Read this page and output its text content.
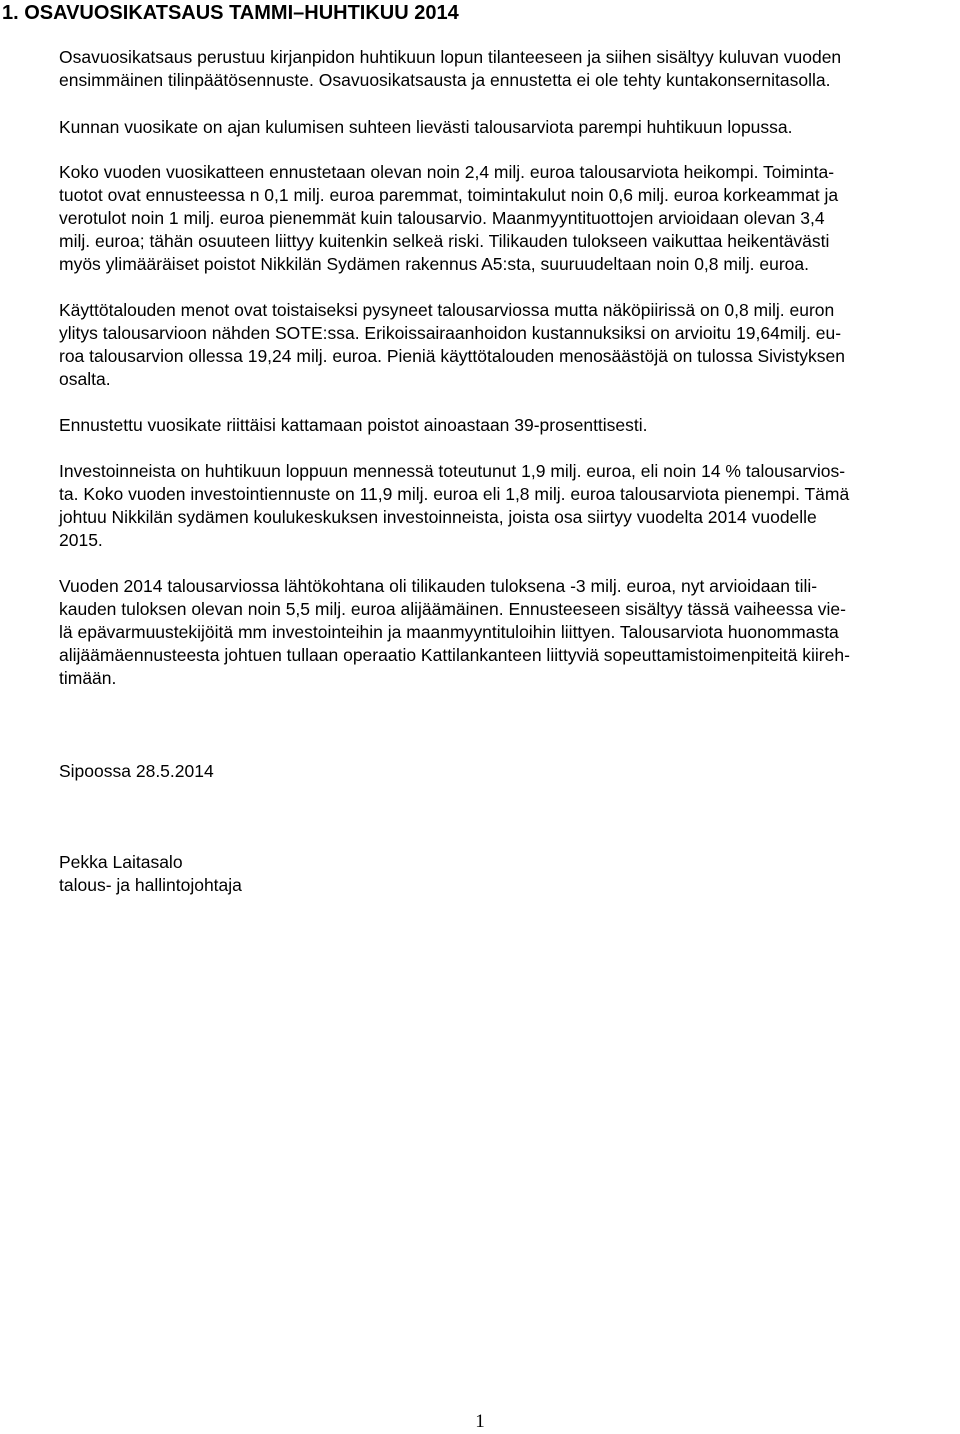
1. OSAVUOSIKATSAUS TAMMI–HUHTIKUU 2014
Osavuosikatsaus perustuu kirjanpidon huhtikuun lopun tilanteeseen ja siihen sisältyy kuluvan vuoden
ensimmäinen tilinpäätösennuste. Osavuosikatsausta ja ennustetta ei ole tehty kuntakonsernitasolla.
Kunnan vuosikate on ajan kulumisen suhteen lievästi talousarviota parempi huhtikuun lopussa.
Koko vuoden vuosikatteen ennustetaan olevan noin 2,4 milj. euroa talousarviota heikompi. Toiminta-
tuotot ovat ennusteessa n 0,1 milj. euroa paremmat, toimintakulut noin 0,6 milj. euroa korkeammat ja
verotulot noin 1 milj. euroa pienemmät kuin talousarvio. Maanmyyntituottojen arvioidaan olevan 3,4
milj. euroa; tähän osuuteen liittyy kuitenkin selkeä riski. Tilikauden tulokseen vaikuttaa heikentävästi
myös ylimääräiset poistot Nikkilän Sydämen rakennus A5:sta, suuruudeltaan noin 0,8 milj. euroa.
Käyttötalouden menot ovat toistaiseksi pysyneet talousarviossa mutta näköpiirissä on 0,8 milj. euron
ylitys talousarvioon nähden SOTE:ssa. Erikoissairaanhoidon kustannuksiksi on arvioitu 19,64milj. eu-
roa talousarvion ollessa 19,24 milj. euroa. Pieniä käyttötalouden menosäästöjä on tulossa Sivistyksen
osalta.
Ennustettu vuosikate riittäisi kattamaan poistot ainoastaan 39-prosenttisesti.
Investoinneista on huhtikuun loppuun mennessä toteutunut 1,9 milj. euroa, eli noin 14 % talousarvios-
ta. Koko vuoden investointiennuste on 11,9 milj. euroa eli 1,8 milj. euroa talousarviota pienempi. Tämä
johtuu Nikkilän sydämen koulukeskuksen investoinneista, joista osa siirtyy vuodelta 2014 vuodelle
2015.
Vuoden 2014 talousarviossa lähtökohtana oli tilikauden tuloksena -3 milj. euroa, nyt arvioidaan tili-
kauden tuloksen olevan noin 5,5 milj. euroa alijäämäinen. Ennusteeseen sisältyy tässä vaiheessa vie-
lä epävarmuustekijöitä mm investointeihin ja maanmyyntituloihin liittyen. Talousarviota huonommasta
alijäämäennusteesta johtuen tullaan operaatio Kattilankanteen liittyviä sopeuttamistoimenpiteitä kiireh-
timään.
Sipoossa 28.5.2014
Pekka Laitasalo
talous- ja hallintojohtaja
1
